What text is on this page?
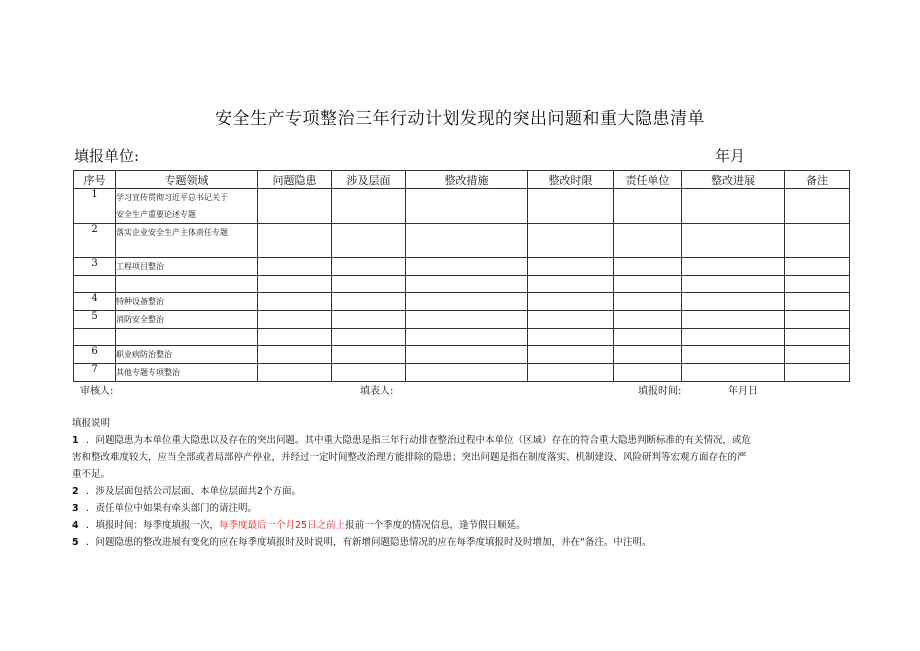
安全生产专项整治三年行动计划发现的突出问题和重大隐患清单
填报单位:	年月
序号	专题领域	问题隐患	涉及层面	整改措施	整改时限	责任单位	整改进展	备注
1	学习宣传贯彻习近平总书记关于
安全生产重要论述专题							

2	落实企业安全生产主体责任专题							

3	工程项目整治							

4	特种设备整治							

5	消防安全整治							

6	职业病防治整治							

7	其他专题专项整治							

审核人:	填表人:	填报时间:	年月日

填报说明

1 ．问题隐患为本单位重大隐患以及存在的突出问题。其中重大隐患是指三年行动排查整治过程中本单位（区域）存在的符合重大隐患判断标准的有关情况，或危

害和整改难度较大，应当全部或者局部停产停业，并经过一定时间整改治理方能排除的隐患；突出问题是指在制度落实、机制建设、风险研判等宏观方面存在的严

重不足。

2 ．涉及层面包括公司层面、本单位层面共2个方面。

3 ．责任单位中如果有牵头部门的请注明。

4 ．填报时间：每季度填报一次，每季度最后一个月25日之前上报前一个季度的情况信息，逢节假日顺延。

5 ．问题隐患的整改进展有变化的应在每季度填报时及时说明，有新增问题隐患情况的应在每季度填报时及时增加，并在“备注。中注明。
